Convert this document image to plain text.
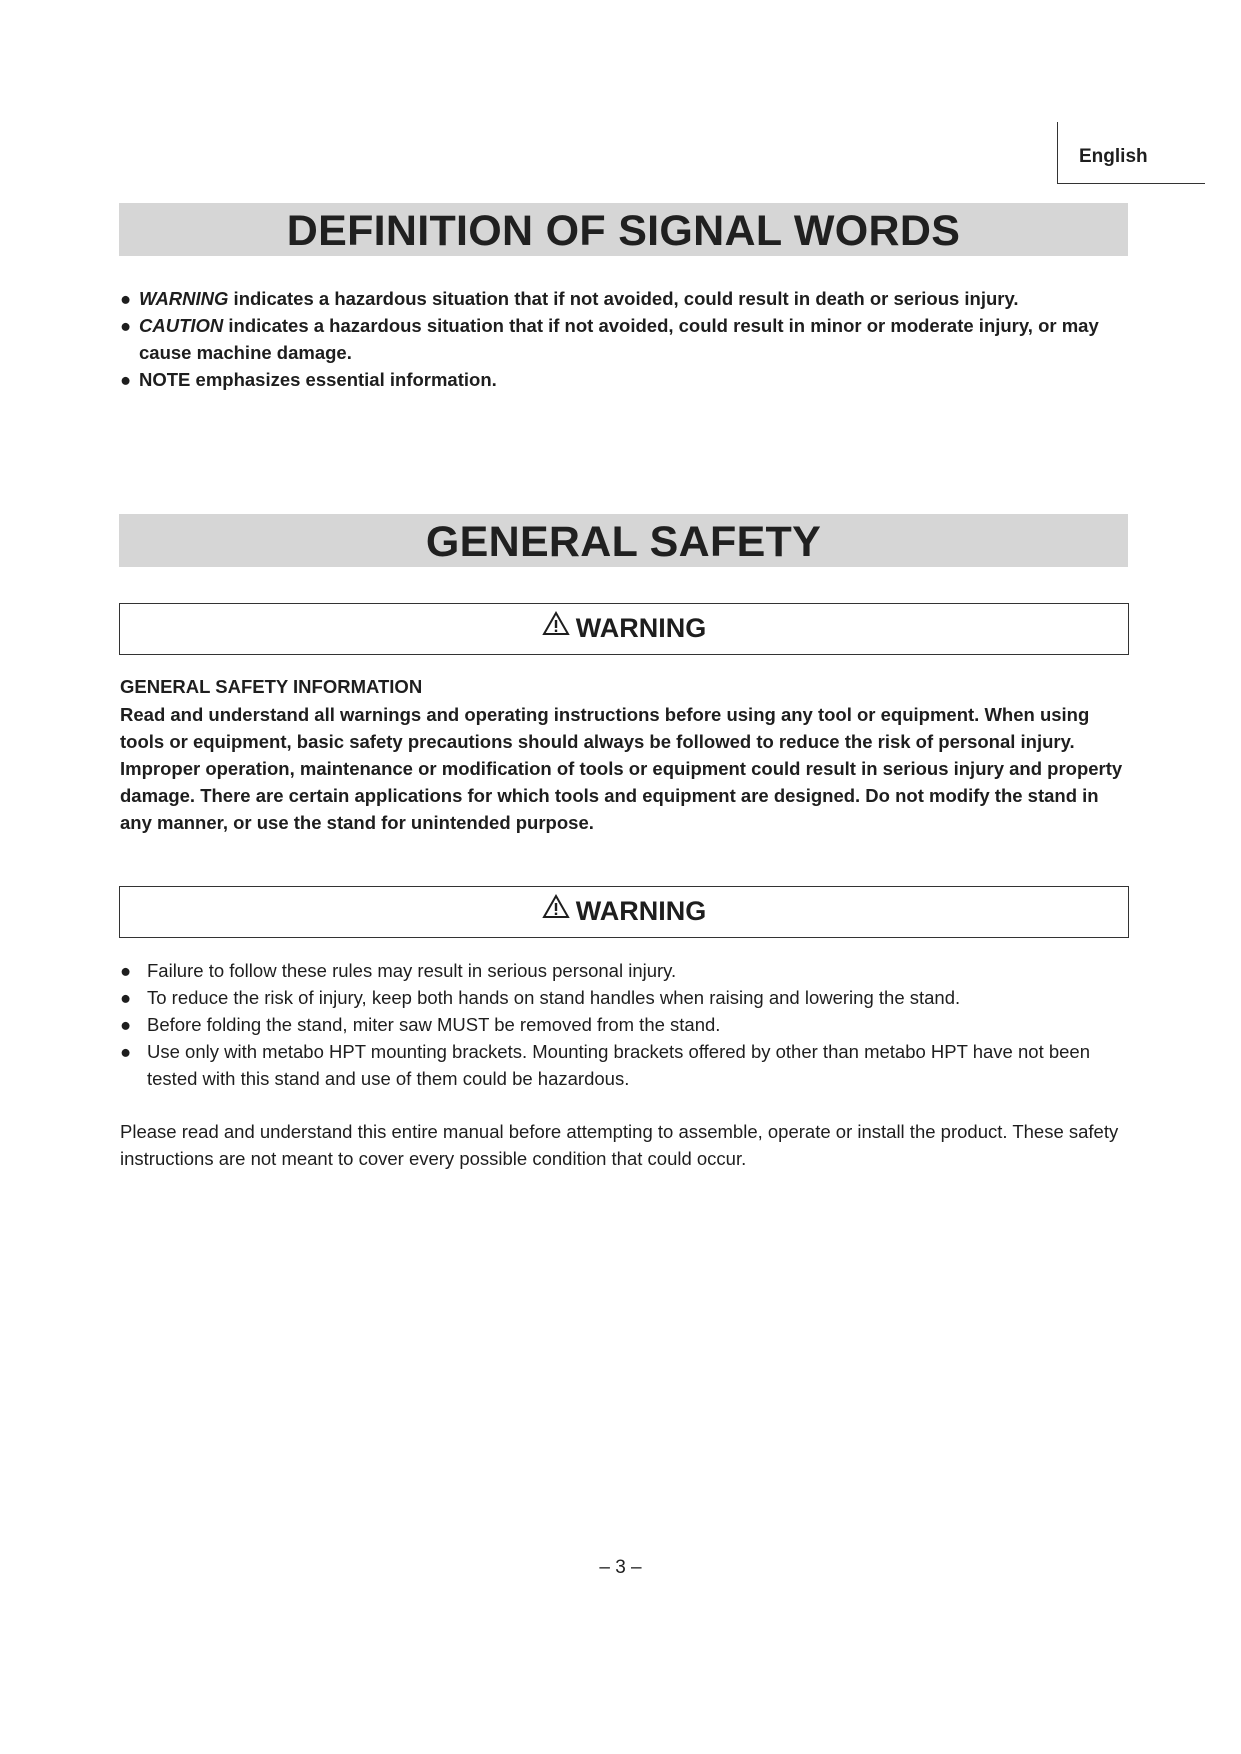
English
DEFINITION OF SIGNAL WORDS
● WARNING indicates a hazardous situation that if not avoided, could result in death or serious injury.
● CAUTION indicates a hazardous situation that if not avoided, could result in minor or moderate injury, or may cause machine damage.
● NOTE emphasizes essential information.
GENERAL SAFETY
WARNING
GENERAL SAFETY INFORMATION

Read and understand all warnings and operating instructions before using any tool or equipment. When using tools or equipment, basic safety precautions should always be followed to reduce the risk of personal injury. Improper operation, maintenance or modification of tools or equipment could result in serious injury and property damage. There are certain applications for which tools and equipment are designed. Do not modify the stand in any manner, or use the stand for unintended purpose.

WARNING
● Failure to follow these rules may result in serious personal injury.
● To reduce the risk of injury, keep both hands on stand handles when raising and lowering the stand.
● Before folding the stand, miter saw MUST be removed from the stand.
● Use only with metabo HPT mounting brackets. Mounting brackets offered by other than metabo HPT have not been tested with this stand and use of them could be hazardous.

Please read and understand this entire manual before attempting to assemble, operate or install the product. These safety instructions are not meant to cover every possible condition that could occur.

– 3 –
